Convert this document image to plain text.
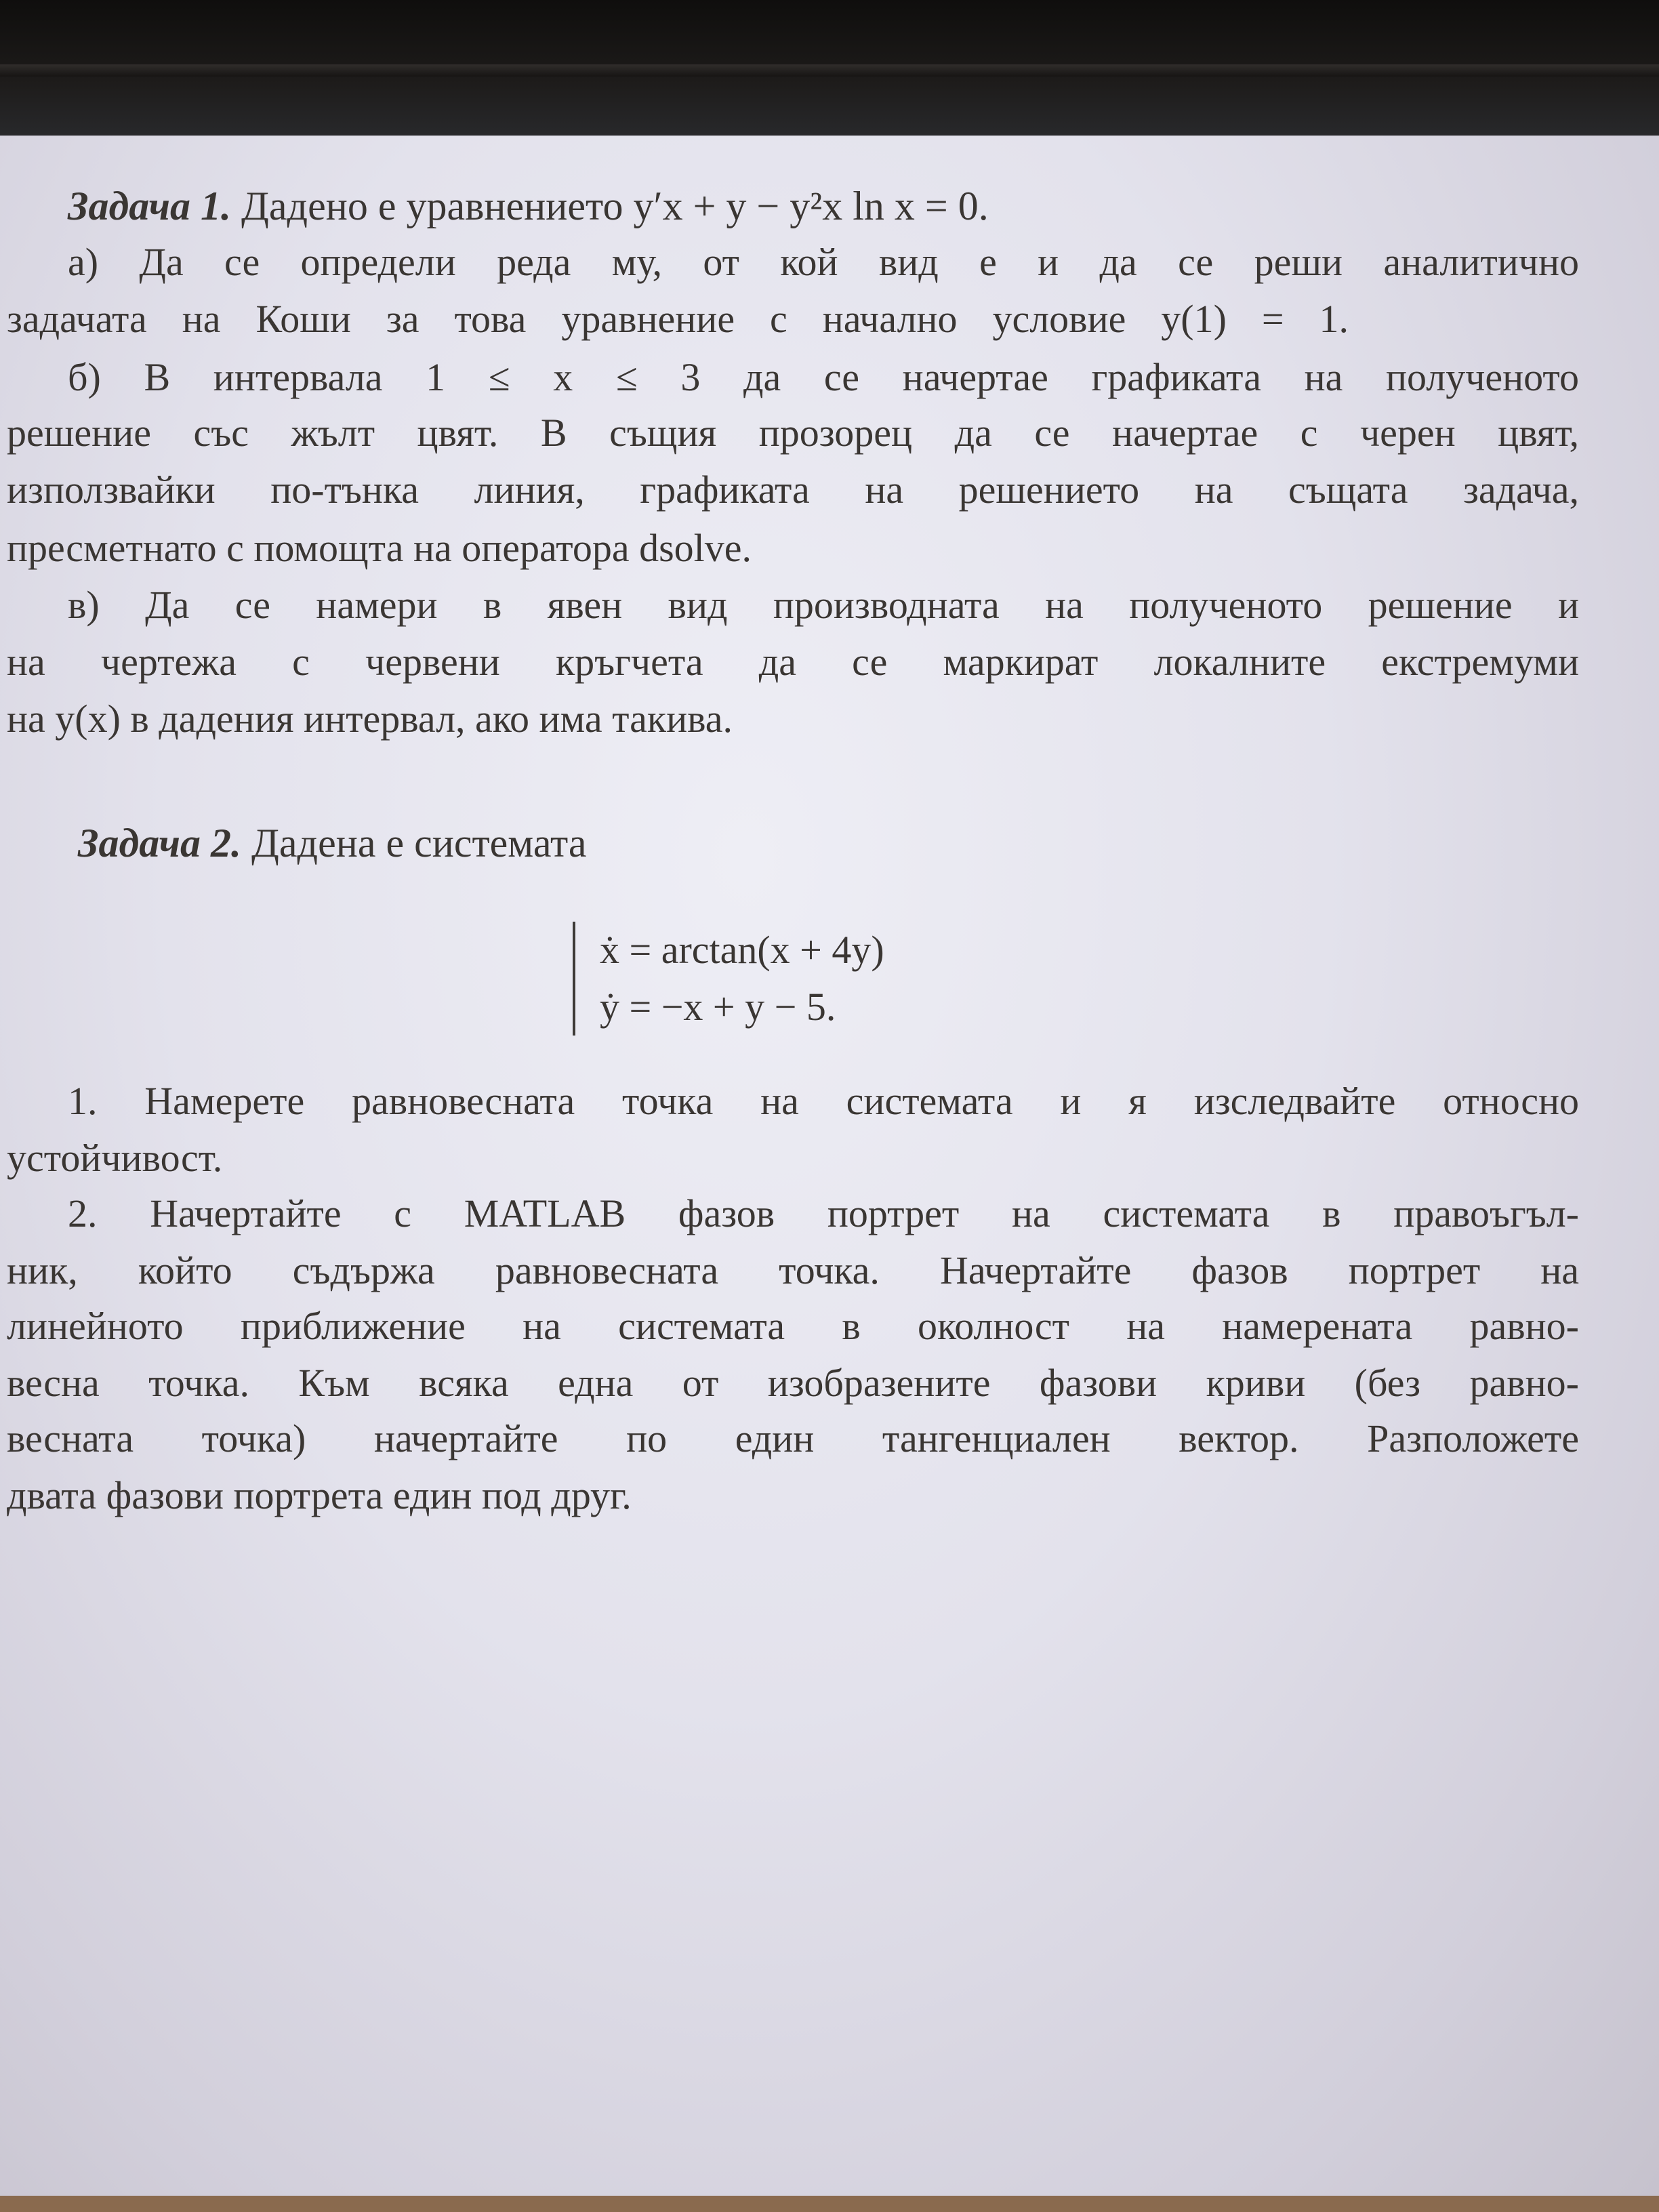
Задача 1. Дадено е уравнението y′x + y − y²x ln x = 0.
а) Да се определи реда му, от кой вид е и да се реши аналитично
задачата на Коши за това уравнение с начално условие y(1) = 1.
б) В интервала 1 ≤ x ≤ 3 да се начертае графиката на полученото
решение със жълт цвят. В същия прозорец да се начертае с черен цвят,
използвайки по-тънка линия, графиката на решението на същата задача,
пресметнато с помощта на оператора dsolve.
в) Да се намери в явен вид производната на полученото решение и
на чертежа с червени кръгчета да се маркират локалните екстремуми
на y(x) в дадения интервал, ако има такива.
Задача 2. Дадена е системата
ẋ = arctan(x + 4y)
ẏ = −x + y − 5.
1. Намерете равновесната точка на системата и я изследвайте относно
устойчивост.
2. Начертайте с MATLAB фазов портрет на системата в правоъгъл-
ник, който съдържа равновесната точка. Начертайте фазов портрет на
линейното приближение на системата в околност на намерената равно-
весна точка. Към всяка една от изобразените фазови криви (без равно-
весната точка) начертайте по един тангенциален вектор. Разположете
двата фазови портрета един под друг.
